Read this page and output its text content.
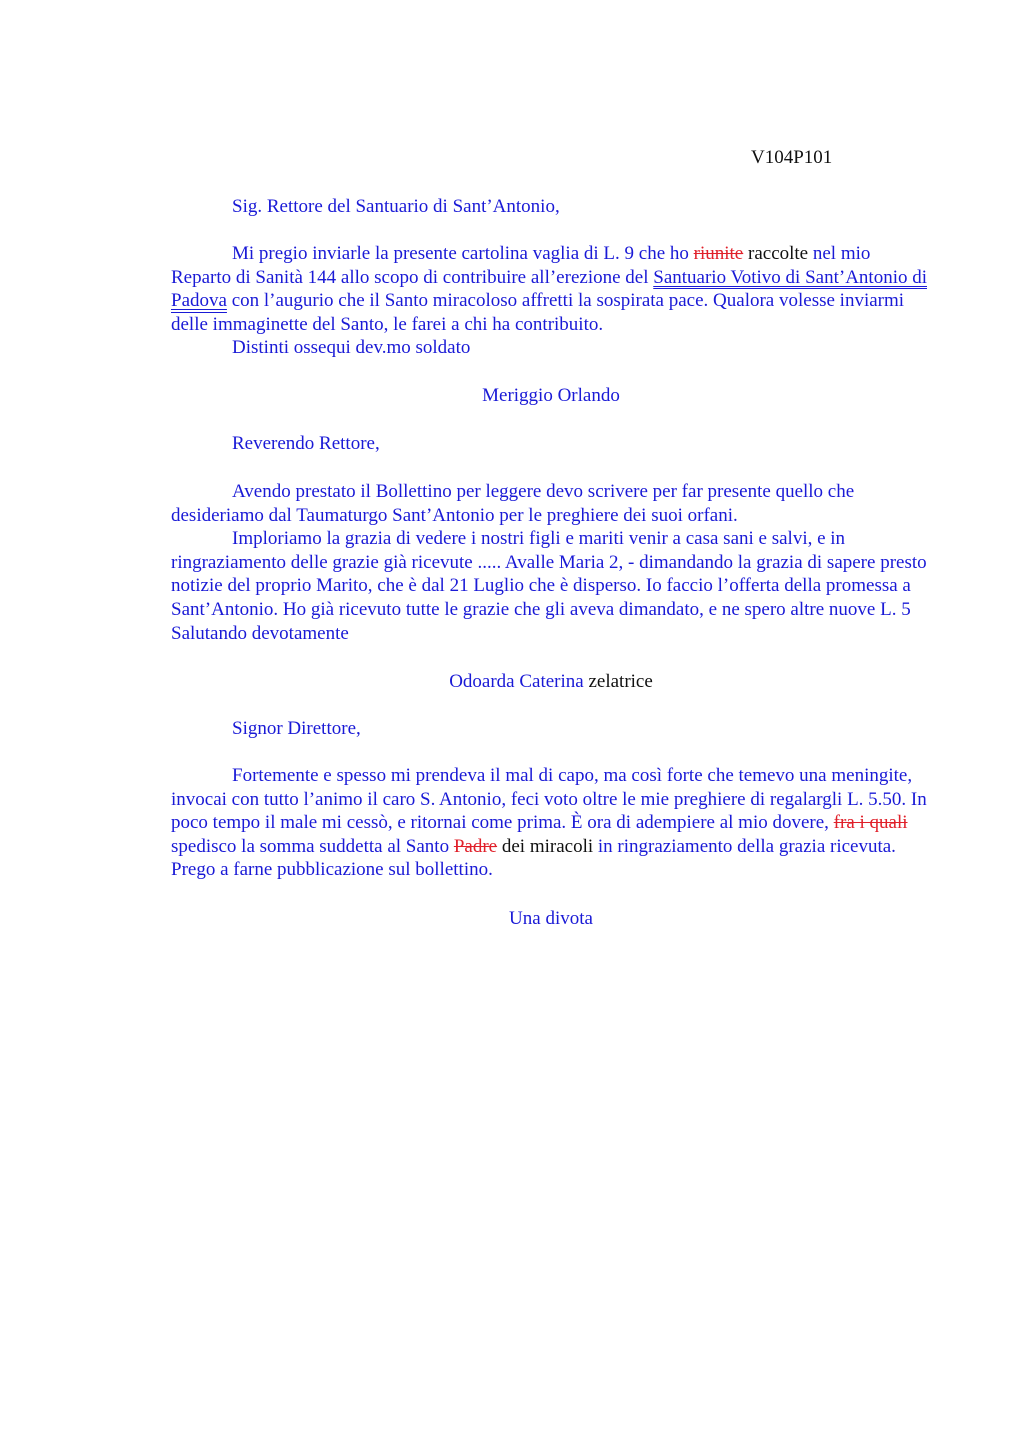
V104P101

Sig. Rettore del Santuario di Sant’Antonio,

Mi pregio inviarle la presente cartolina vaglia di L. 9 che ho riunite raccolte nel mio Reparto di Sanità 144 allo scopo di contribuire all’erezione del Santuario Votivo di Sant’Antonio di Padova con l’augurio che il Santo miracoloso affretti la sospirata pace. Qualora volesse inviarmi delle immaginette del Santo, le farei a chi ha contribuito.

Distinti ossequi dev.mo soldato

Meriggio Orlando

Reverendo Rettore,

Avendo prestato il Bollettino per leggere devo scrivere per far presente quello che desideriamo dal Taumaturgo Sant’Antonio per le preghiere dei suoi orfani.

Imploriamo la grazia di vedere i nostri figli e mariti venir a casa sani e salvi, e in ringraziamento delle grazie già ricevute ..... Avalle Maria 2, - dimandando la grazia di sapere presto notizie del proprio Marito, che è dal 21 Luglio che è disperso. Io faccio l’offerta della promessa a Sant’Antonio. Ho già ricevuto tutte le grazie che gli aveva dimandato, e ne spero altre nuove L. 5 Salutando devotamente

Odoarda Caterina zelatrice

Signor Direttore,

Fortemente e spesso mi prendeva il mal di capo, ma così forte che temevo una meningite, invocai con tutto l’animo il caro S. Antonio, feci voto oltre le mie preghiere di regalargli L. 5.50. In poco tempo il male mi cessò, e ritornai come prima. È ora di adempiere al mio dovere, fra i quali spedisco la somma suddetta al Santo Padre dei miracoli in ringraziamento della grazia ricevuta. Prego a farne pubblicazione sul bollettino.

Una divota
